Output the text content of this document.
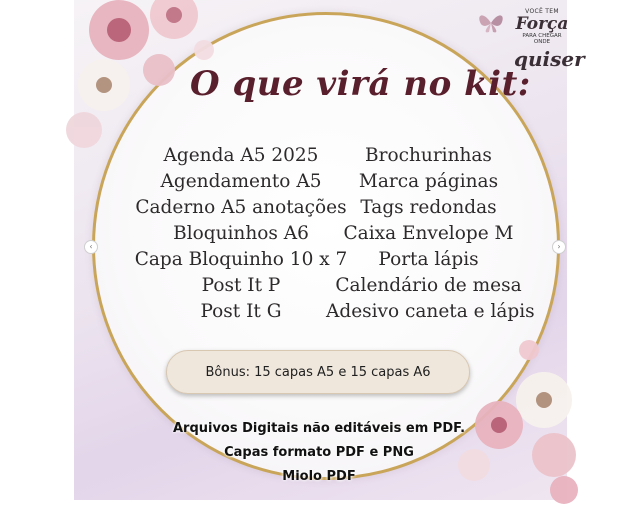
O que virá no kit:
Agenda A5 2025
Agendamento A5
Caderno A5 anotações
Bloquinhos A6
Capa Bloquinho 10 x 7
Post It P
Post It G
Brochurinhas
Marca páginas
Tags redondas
Caixa Envelope M
Porta lápis
Calendário de mesa
Adesivo caneta e lápis
Bônus: 15 capas A5 e 15 capas A6
Arquivos Digitais não editáveis em PDF.
Capas formato PDF e PNG
Miolo PDF
VOCÊ TEM
Força
PARA CHEGAR ONDE
quiser
‹	›
